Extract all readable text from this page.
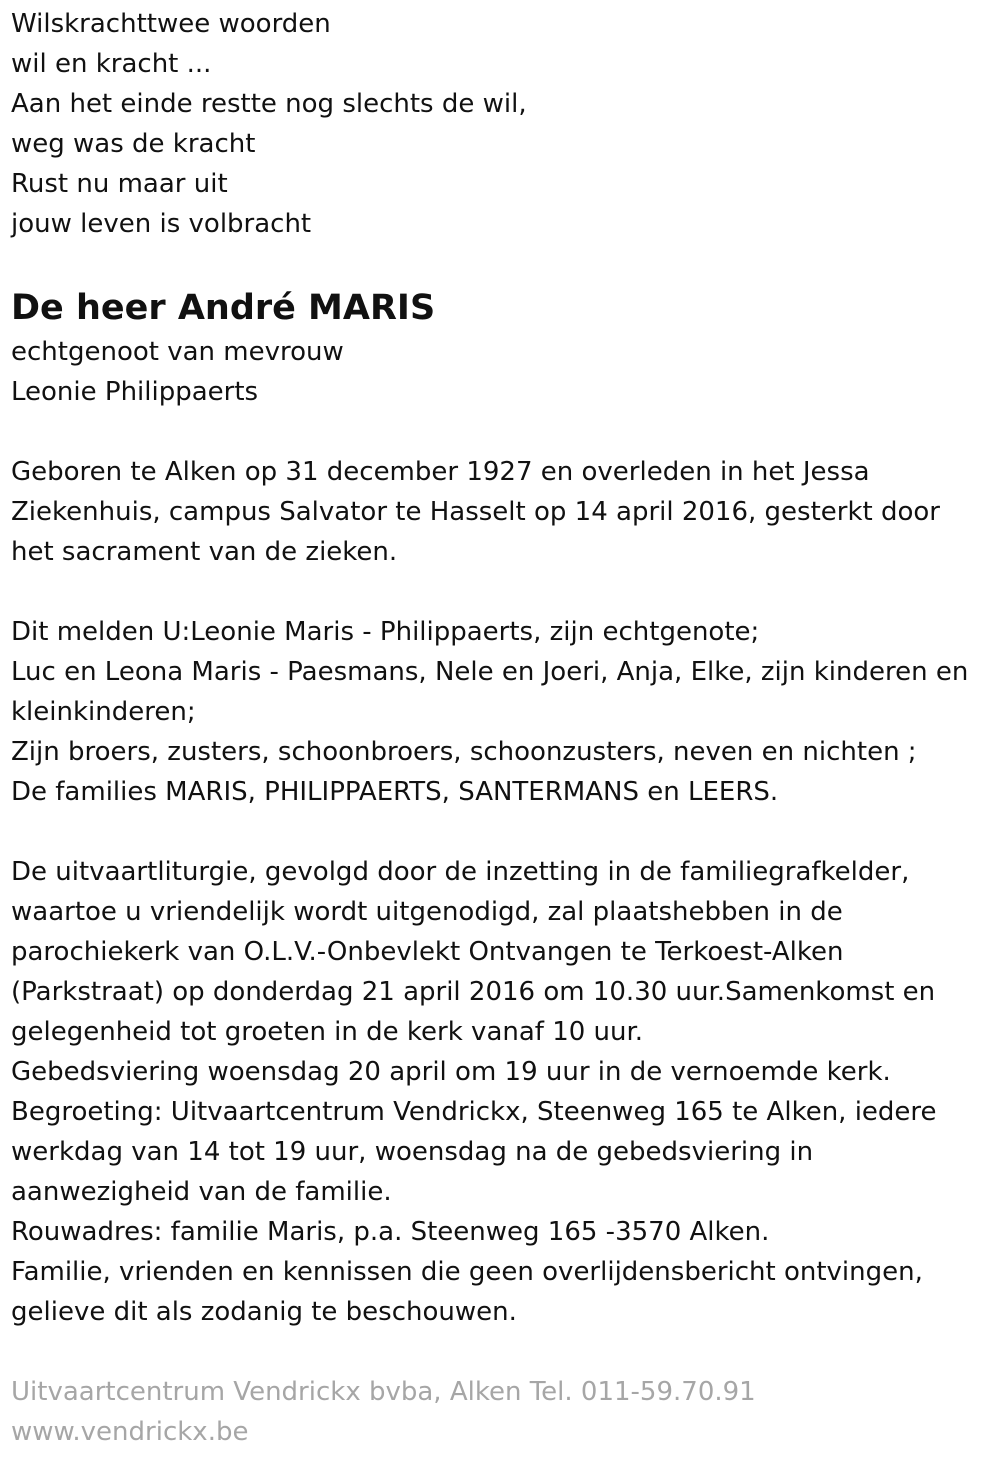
Wilskrachttwee woorden
wil en kracht ...
Aan het einde restte nog slechts de wil,
weg was de kracht
Rust nu maar uit
jouw leven is volbracht
De heer André MARIS
echtgenoot van mevrouw
Leonie Philippaerts
Geboren te Alken op 31 december 1927 en overleden in het Jessa
Ziekenhuis, campus Salvator te Hasselt op 14 april 2016, gesterkt door
het sacrament van de zieken.
Dit melden U:Leonie Maris - Philippaerts, zijn echtgenote;
Luc en Leona Maris - Paesmans, Nele en Joeri, Anja, Elke, zijn kinderen en
kleinkinderen;
Zijn broers, zusters, schoonbroers, schoonzusters, neven en nichten ;
De families MARIS, PHILIPPAERTS, SANTERMANS en LEERS.
De uitvaartliturgie, gevolgd door de inzetting in de familiegrafkelder,
waartoe u vriendelijk wordt uitgenodigd, zal plaatshebben in de
parochiekerk van O.L.V.-Onbevlekt Ontvangen te Terkoest-Alken
(Parkstraat) op donderdag 21 april 2016 om 10.30 uur.Samenkomst en
gelegenheid tot groeten in de kerk vanaf 10 uur.
Gebedsviering woensdag 20 april om 19 uur in de vernoemde kerk.
Begroeting: Uitvaartcentrum Vendrickx, Steenweg 165 te Alken, iedere
werkdag van 14 tot 19 uur, woensdag na de gebedsviering in
aanwezigheid van de familie.
Rouwadres: familie Maris, p.a. Steenweg 165 -3570 Alken.
Familie, vrienden en kennissen die geen overlijdensbericht ontvingen,
gelieve dit als zodanig te beschouwen.
Uitvaartcentrum Vendrickx bvba, Alken Tel. 011-59.70.91
www.vendrickx.be
